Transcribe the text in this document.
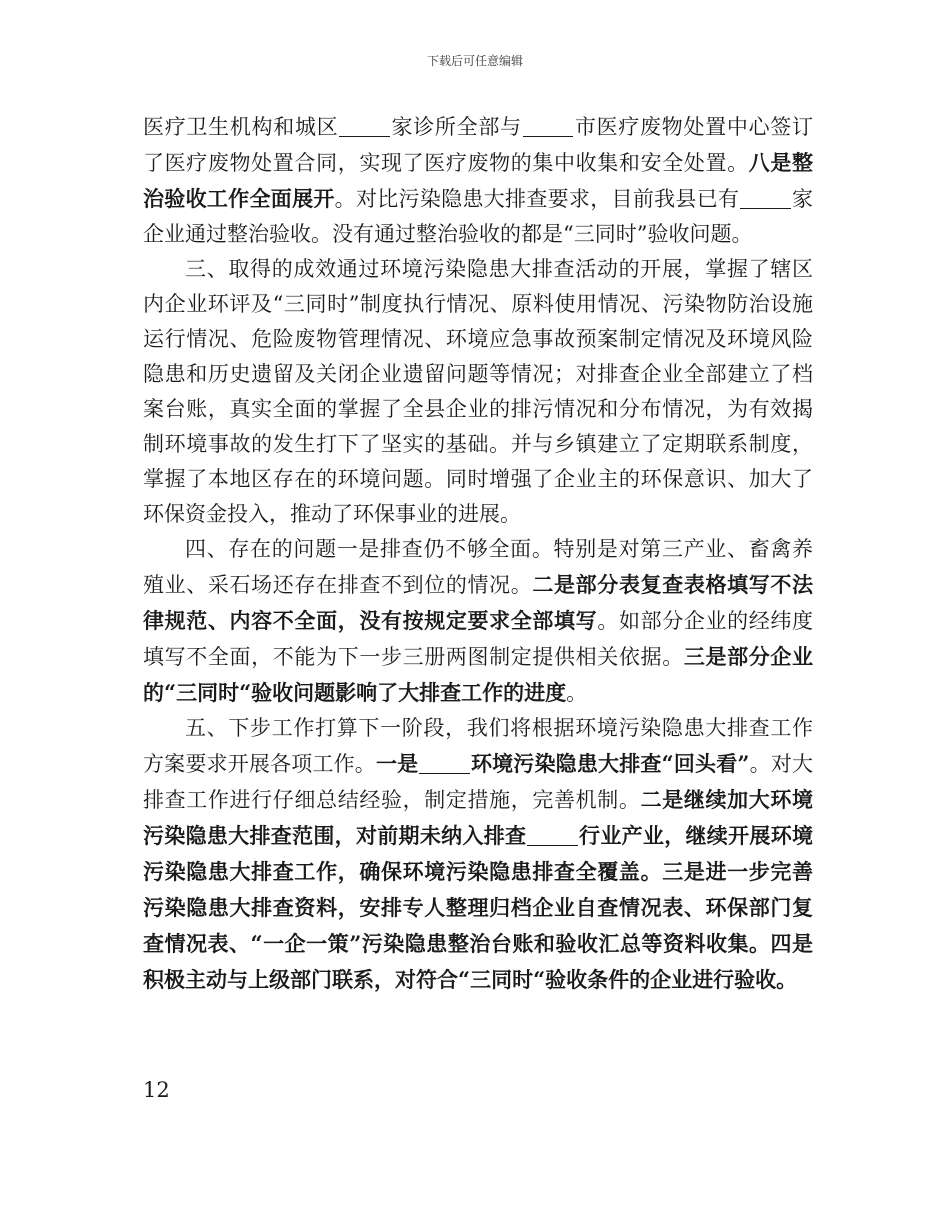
下载后可任意编辑

医疗卫生机构和城区 家诊所全部与 市医疗废物处置中心签订了医疗废物处置合同，实现了医疗废物的集中收集和安全处置。八是整治验收工作全面展开。对比污染隐患大排查要求，目前我县已有 家企业通过整治验收。没有通过整治验收的都是“三同时”验收问题。

三、取得的成效通过环境污染隐患大排查活动的开展，掌握了辖区内企业环评及“三同时”制度执行情况、原料使用情况、污染物防治设施运行情况、危险废物管理情况、环境应急事故预案制定情况及环境风险隐患和历史遗留及关闭企业遗留问题等情况；对排查企业全部建立了档案台账，真实全面的掌握了全县企业的排污情况和分布情况，为有效揭制环境事故的发生打下了坚实的基础。并与乡镇建立了定期联系制度，掌握了本地区存在的环境问题。同时增强了企业主的环保意识、加大了环保资金投入，推动了环保事业的进展。

四、存在的问题一是排查仍不够全面。特别是对第三产业、畜禽养殖业、采石场还存在排查不到位的情况。二是部分表复查表格填写不法律规范、内容不全面，没有按规定要求全部填写。如部分企业的经纬度填写不全面，不能为下一步三册两图制定提供相关依据。三是部分企业的“三同时“验收问题影响了大排查工作的进度。

五、下步工作打算下一阶段，我们将根据环境污染隐患大排查工作方案要求开展各项工作。一是 环境污染隐患大排查“回头看”。对大排查工作进行仔细总结经验，制定措施，完善机制。二是继续加大环境污染隐患大排查范围，对前期未纳入排查 行业产业，继续开展环境污染隐患大排查工作，确保环境污染隐患排查全覆盖。三是进一步完善污染隐患大排查资料，安排专人整理归档企业自查情况表、环保部门复查情况表、“一企一策”污染隐患整治台账和验收汇总等资料收集。四是积极主动与上级部门联系，对符合“三同时“验收条件的企业进行验收。

12
